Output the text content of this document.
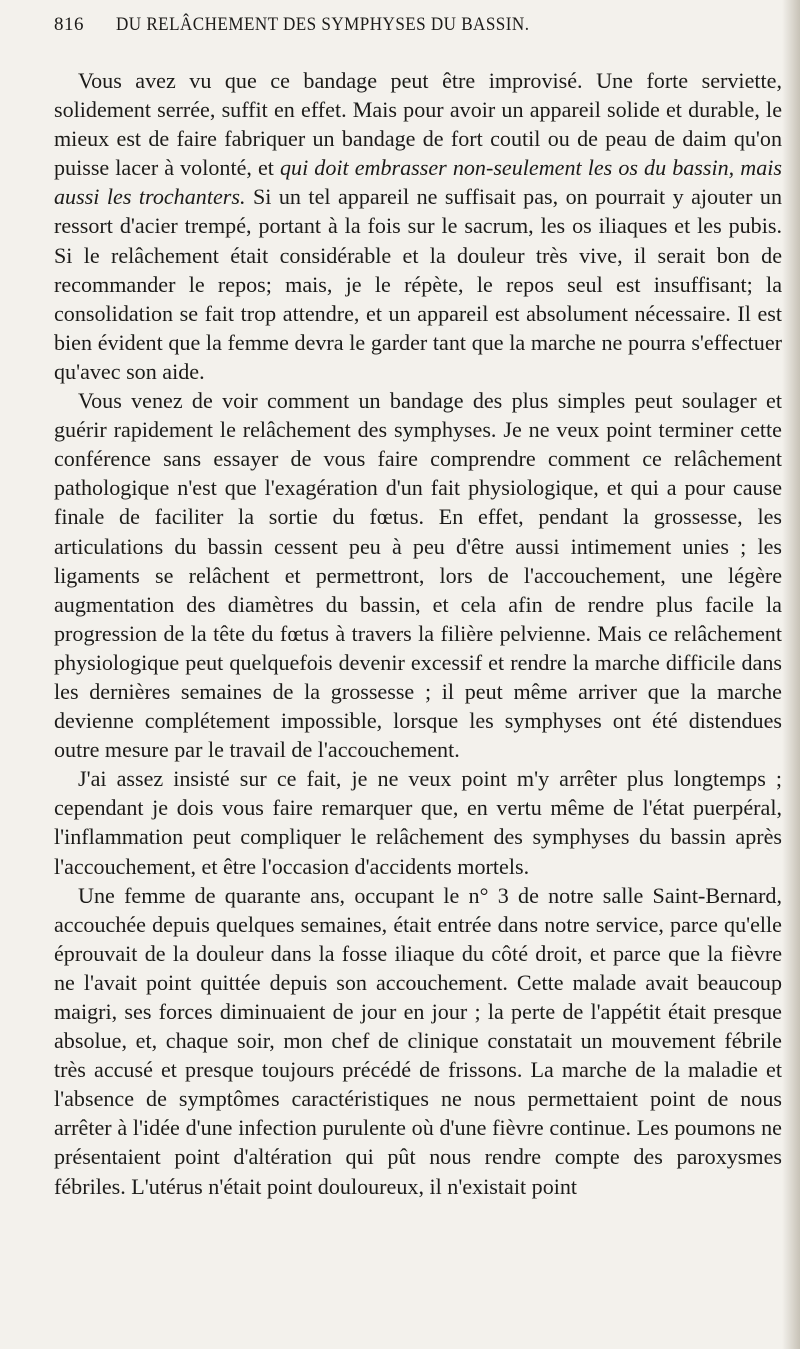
816 DU RELÂCHEMENT DES SYMPHYSES DU BASSIN.

Vous avez vu que ce bandage peut être improvisé. Une forte serviette, solidement serrée, suffit en effet. Mais pour avoir un appareil solide et durable, le mieux est de faire fabriquer un bandage de fort coutil ou de peau de daim qu'on puisse lacer à volonté, et qui doit embrasser non-seulement les os du bassin, mais aussi les trochanters. Si un tel appareil ne suffisait pas, on pourrait y ajouter un ressort d'acier trempé, portant à la fois sur le sacrum, les os iliaques et les pubis. Si le relâchement était considérable et la douleur très vive, il serait bon de recommander le repos; mais, je le répète, le repos seul est insuffisant; la consolidation se fait trop attendre, et un appareil est absolument nécessaire. Il est bien évident que la femme devra le garder tant que la marche ne pourra s'effectuer qu'avec son aide.

Vous venez de voir comment un bandage des plus simples peut soulager et guérir rapidement le relâchement des symphyses. Je ne veux point terminer cette conférence sans essayer de vous faire comprendre comment ce relâchement pathologique n'est que l'exagération d'un fait physiologique, et qui a pour cause finale de faciliter la sortie du fœtus. En effet, pendant la grossesse, les articulations du bassin cessent peu à peu d'être aussi intimement unies ; les ligaments se relâchent et permettront, lors de l'accouchement, une légère augmentation des diamètres du bassin, et cela afin de rendre plus facile la progression de la tête du fœtus à travers la filière pelvienne. Mais ce relâchement physiologique peut quelquefois devenir excessif et rendre la marche difficile dans les dernières semaines de la grossesse ; il peut même arriver que la marche devienne complétement impossible, lorsque les symphyses ont été distendues outre mesure par le travail de l'accouchement.

J'ai assez insisté sur ce fait, je ne veux point m'y arrêter plus longtemps ; cependant je dois vous faire remarquer que, en vertu même de l'état puerpéral, l'inflammation peut compliquer le relâchement des symphyses du bassin après l'accouchement, et être l'occasion d'accidents mortels.

Une femme de quarante ans, occupant le n° 3 de notre salle Saint-Bernard, accouchée depuis quelques semaines, était entrée dans notre service, parce qu'elle éprouvait de la douleur dans la fosse iliaque du côté droit, et parce que la fièvre ne l'avait point quittée depuis son accouchement. Cette malade avait beaucoup maigri, ses forces diminuaient de jour en jour ; la perte de l'appétit était presque absolue, et, chaque soir, mon chef de clinique constatait un mouvement fébrile très accusé et presque toujours précédé de frissons. La marche de la maladie et l'absence de symptômes caractéristiques ne nous permettaient point de nous arrêter à l'idée d'une infection purulente où d'une fièvre continue. Les poumons ne présentaient point d'altération qui pût nous rendre compte des paroxysmes fébriles. L'utérus n'était point douloureux, il n'existait point
